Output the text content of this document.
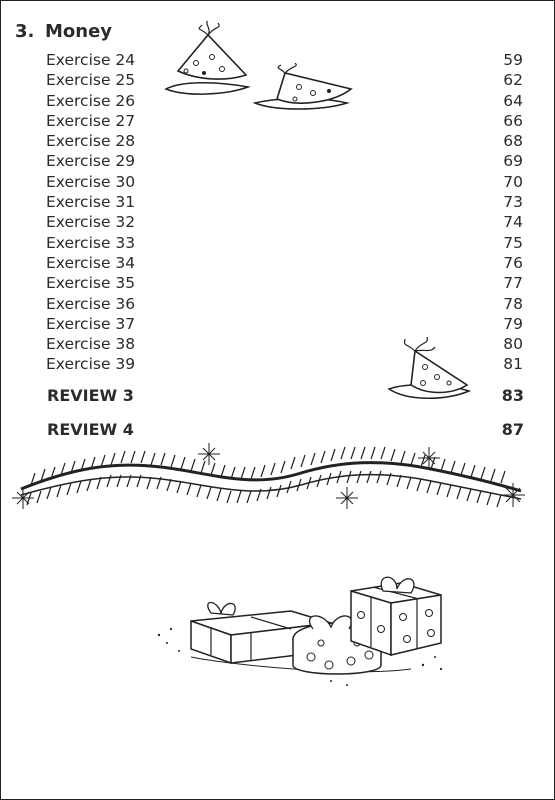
3. Money
Exercise 24	59
Exercise 25	62
Exercise 26	64
Exercise 27	66
Exercise 28	68
Exercise 29	69
Exercise 30	70
Exercise 31	73
Exercise 32	74
Exercise 33	75
Exercise 34	76
Exercise 35	77
Exercise 36	78
Exercise 37	79
Exercise 38	80
Exercise 39	81
REVIEW 3	83
REVIEW 4	87
